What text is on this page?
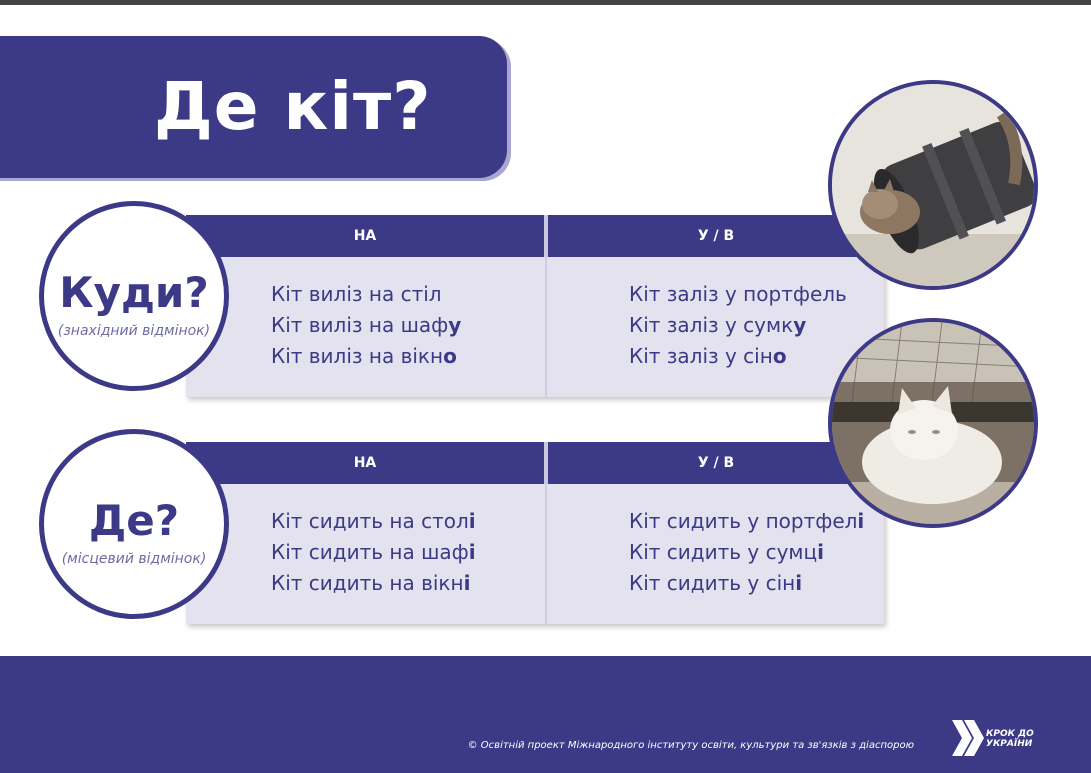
Де кіт?
НА	У / В
Кіт виліз на стіл
Кіт виліз на шафу
Кіт виліз на вікно
Кіт заліз у портфель
Кіт заліз у сумку
Кіт заліз у сіно
НА	У / В
Кіт сидить на столі
Кіт сидить на шафі
Кіт сидить на вікні
Кіт сидить у портфелі
Кіт сидить у сумці
Кіт сидить у сіні
Куди?
(знахідний відмінок)
Де?
(місцевий відмінок)
© Освітній проект Міжнародного інституту освіти, культури та зв'язків з діаспорою
КРОК ДО
УКРАЇНИ
